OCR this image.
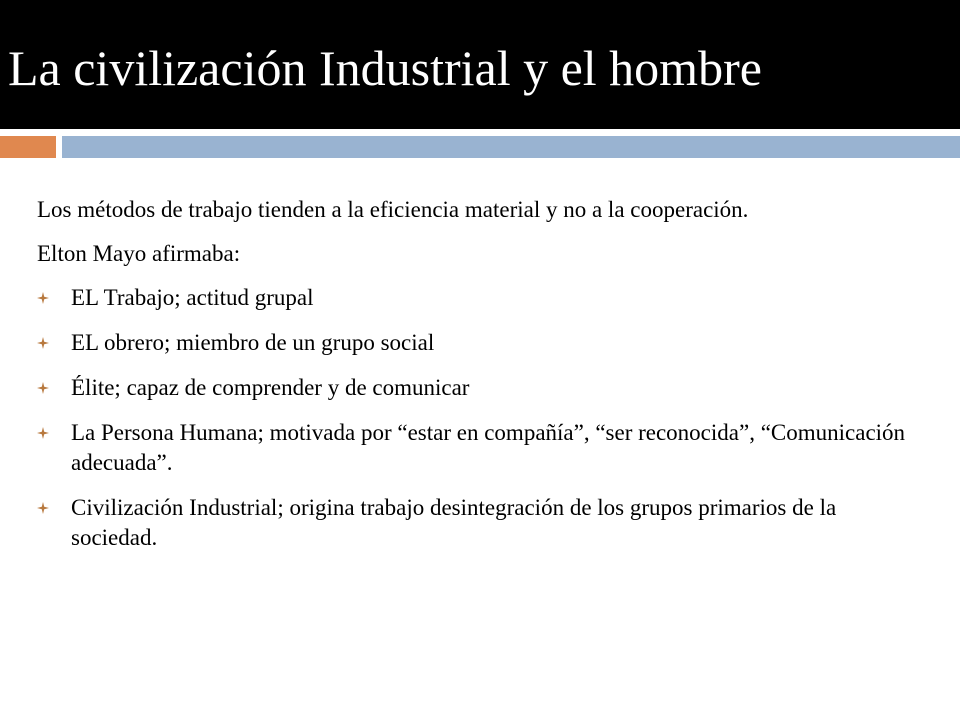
La civilización Industrial y el hombre

Los métodos de trabajo tienden a la eficiencia material y no a la cooperación.

Elton Mayo afirmaba:

EL Trabajo; actitud grupal
EL obrero; miembro de un grupo social
Élite; capaz de comprender y de comunicar
La Persona Humana; motivada por “estar en compañía”, “ser reconocida”, “Comunicación adecuada”.
Civilización Industrial; origina trabajo desintegración de los grupos primarios de la sociedad.
